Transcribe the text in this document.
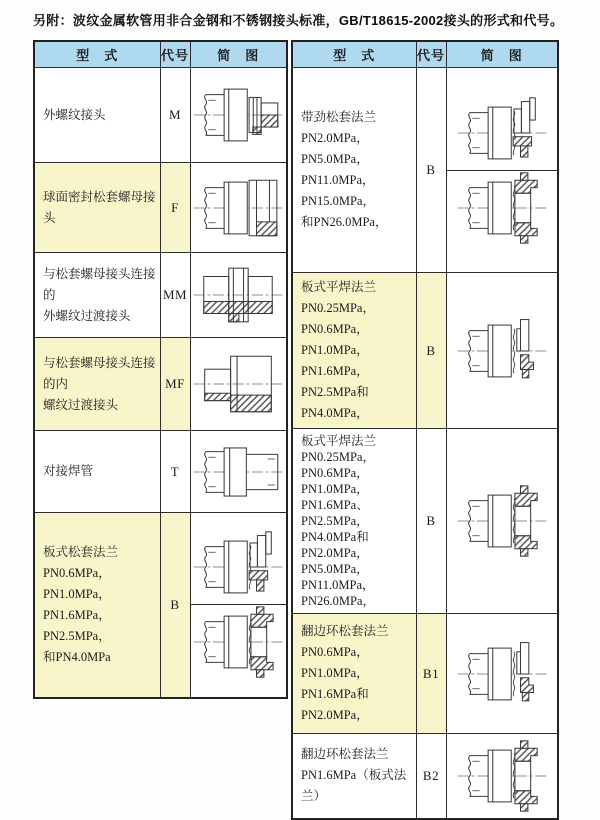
另附：波纹金属软管用非合金钢和不锈钢接头标准，GB/T18615-2002接头的形式和代号。
型　式	代号	简　图

外螺纹接头	M	

球面密封松套螺母接头	F	

与松套螺母接头连接的
外螺纹过渡接头	MM	

与松套螺母接头连接的内
螺纹过渡接头	MF	

对接焊管	T	

板式松套法兰
PN0.6MPa，PN1.0MPa，
PN1.6MPa，PN2.5MPa，
和PN4.0MPa	B	
型　式	代号	简　图

带劲松套法兰
PN2.0MPa，PN5.0MPa，
PN11.0MPa，PN15.0MPa，
和PN26.0MPa，	B	

板式平焊法兰
PN0.25MPa，PN0.6MPa，
PN1.0MPa，PN1.6MPa，
PN2.5MPa和PN4.0MPa，	B	

板式平焊法兰
PN0.25MPa，PN0.6MPa，
PN1.0MPa，PN1.6MPa、
PN2.5MPa，PN4.0MPa和
PN2.0MPa，PN5.0MPa，
PN11.0MPa，PN26.0MPa，
	B	

翻边环松套法兰
PN0.6MPa，PN1.0MPa，
PN1.6MPa和PN2.0MPa，	B1	

翻边环松套法兰
PN1.6MPa（板式法兰）	B2	
